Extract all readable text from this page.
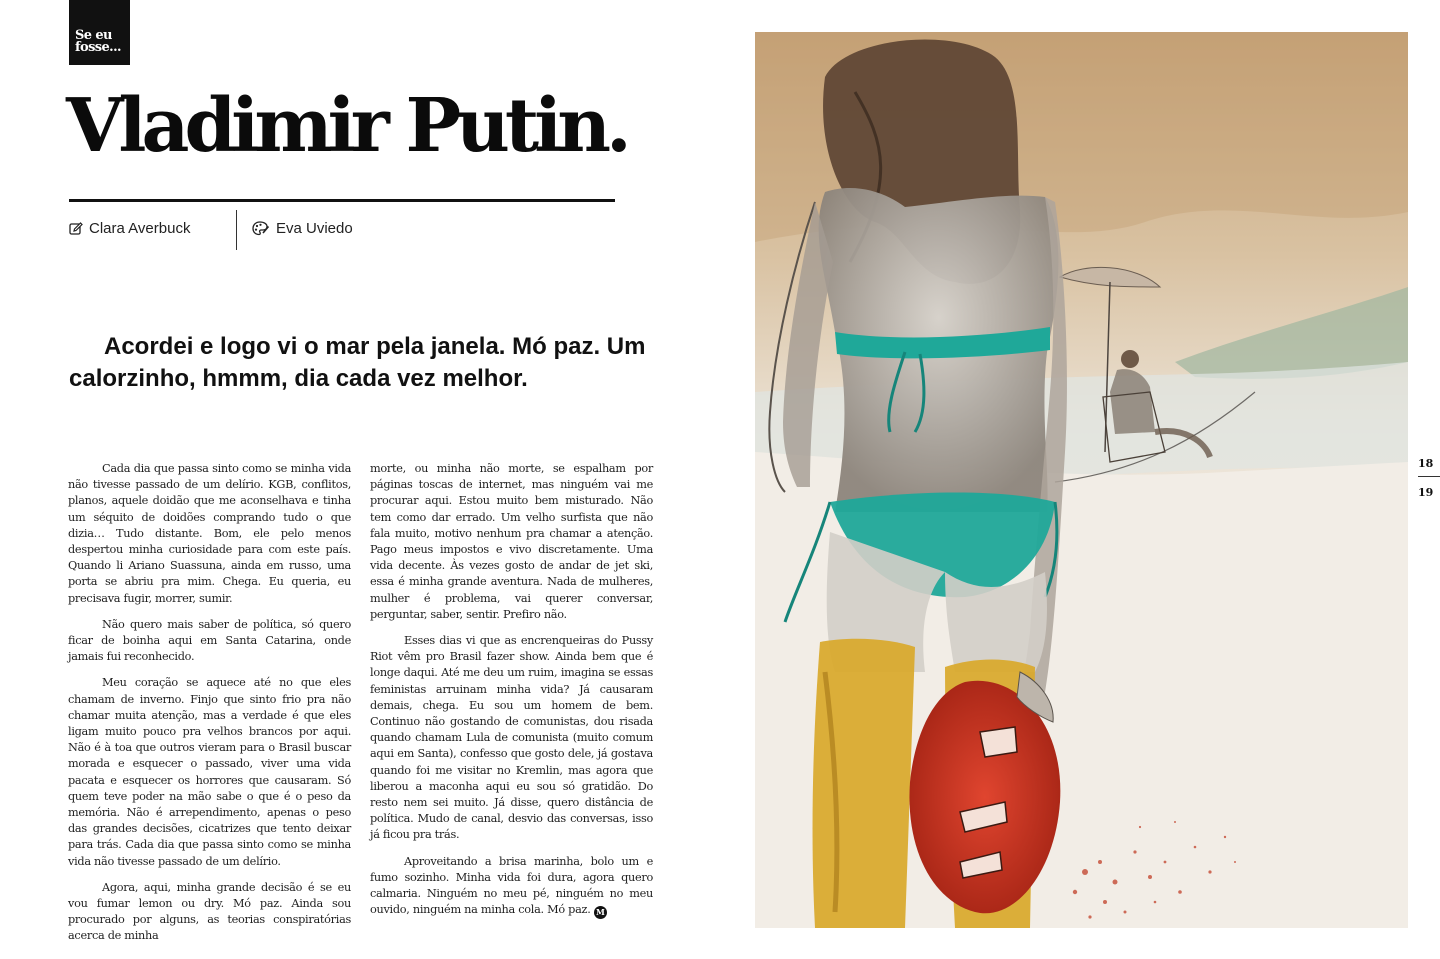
Se eu
fosse...
Vladimir Putin.
Clara Averbuck	Eva Uviedo

Acordei e logo vi o mar pela janela. Mó paz. Um calorzinho, hmmm, dia cada vez melhor.

Cada dia que passa sinto como se minha vida não tivesse passado de um delírio. KGB, conflitos, planos, aquele doidão que me aconselhava e tinha um séquito de doidões comprando tudo o que dizia… Tudo distante. Bom, ele pelo menos despertou minha curiosidade para com este país. Quando li Ariano Suassuna, ainda em russo, uma porta se abriu pra mim. Chega. Eu queria, eu precisava fugir, morrer, sumir.

Não quero mais saber de política, só quero ficar de boinha aqui em Santa Catarina, onde jamais fui reconhecido.

Meu coração se aquece até no que eles chamam de inverno. Finjo que sinto frio pra não chamar muita atenção, mas a verdade é que eles ligam muito pouco pra velhos brancos por aqui. Não é à toa que outros vieram para o Brasil buscar morada e esquecer o passado, viver uma vida pacata e esquecer os horrores que causaram. Só quem teve poder na mão sabe o que é o peso da memória. Não é arrependimento, apenas o peso das grandes decisões, cicatrizes que tento deixar para trás. Cada dia que passa sinto como se minha vida não tivesse passado de um delírio.

Agora, aqui, minha grande decisão é se eu vou fumar lemon ou dry. Mó paz. Ainda sou procurado por alguns, as teorias conspiratórias acerca de minha

morte, ou minha não morte, se espalham por páginas toscas de internet, mas ninguém vai me procurar aqui. Estou muito bem misturado. Não tem como dar errado. Um velho surfista que não fala muito, motivo nenhum pra chamar a atenção. Pago meus impostos e vivo discretamente. Uma vida decente. Às vezes gosto de andar de jet ski, essa é minha grande aventura. Nada de mulheres, mulher é problema, vai querer conversar, perguntar, saber, sentir. Prefiro não.

Esses dias vi que as encrenqueiras do Pussy Riot vêm pro Brasil fazer show. Ainda bem que é longe daqui. Até me deu um ruim, imagina se essas feministas arruinam minha vida? Já causaram demais, chega. Eu sou um homem de bem. Continuo não gostando de comunistas, dou risada quando chamam Lula de comunista (muito comum aqui em Santa), confesso que gosto dele, já gostava quando foi me visitar no Kremlin, mas agora que liberou a maconha aqui eu sou só gratidão. Do resto nem sei muito. Já disse, quero distância de política. Mudo de canal, desvio das conversas, isso já ficou pra trás.

Aproveitando a brisa marinha, bolo um e fumo sozinho. Minha vida foi dura, agora quero calmaria. Ninguém no meu pé, ninguém no meu ouvido, ninguém na minha cola. Mó paz. M

18
19
